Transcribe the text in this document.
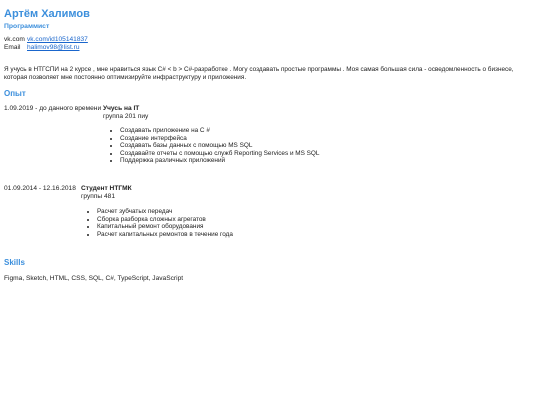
Артём Халимов
Программист
vk.com vk.com/id105141837
Email halimov98@list.ru
Я учусь в НТГСПИ на 2 курсе , мне нравиться язык C# < b > C#-разработке . Могу создавать простые программы . Моя самая большая сила - осведомленность о бизнесе, которая позволяет мне постоянно оптимизируйте инфраструктуру и приложения.
Опыт
1.09.2019 - до данного времени Учусь на IT
группа 201 пиу
• Создавать приложение на C #
• Создание интерфейса
• Создавать базы данных с помощью MS SQL
• Создавайте отчеты с помощью служб Reporting Services и MS SQL
• Поддержка различных приложений
01.09.2014 - 12.16.2018 Студент НТГМК
группы 481
• Расчет зубчатых передач
• Сборка разборка сложных агрегатов
• Капитальный ремонт оборудования
• Расчет капитальных ремонтов в течение года
Skills
Figma, Sketch, HTML, CSS, SQL, C#, TypeScript, JavaScript
